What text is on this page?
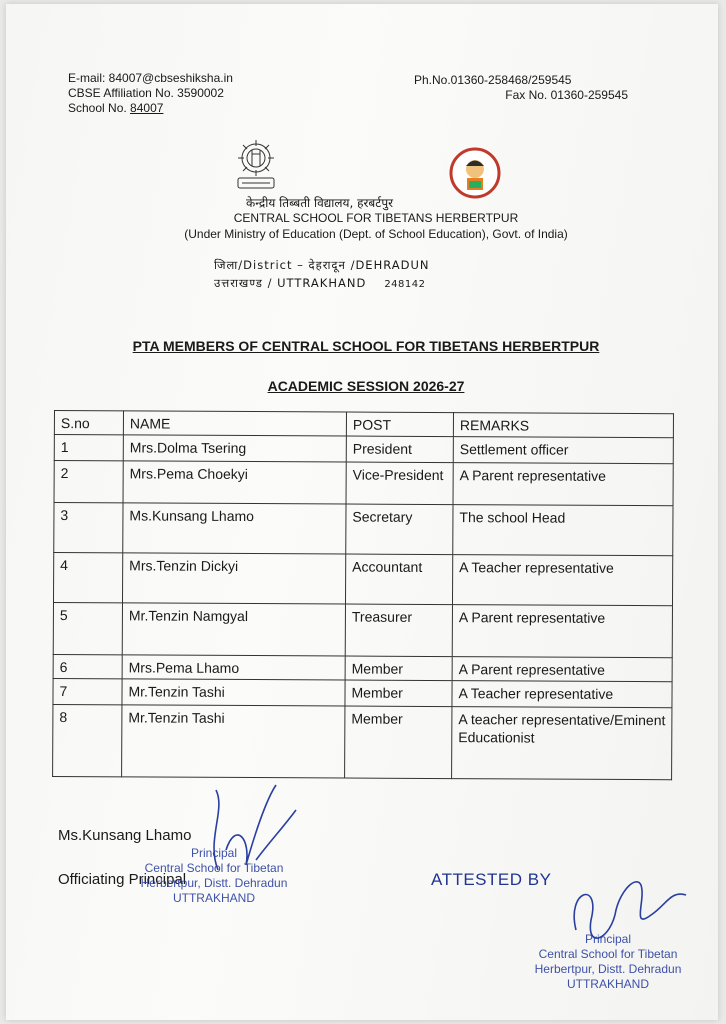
E-mail: 84007@cbseshiksha.in
CBSE Affiliation No. 3590002
School No. 84007
Ph.No.01360-258468/259545
Fax No. 01360-259545
केन्द्रीय तिब्बती विद्यालय, हरबर्टपुर
CENTRAL SCHOOL FOR TIBETANS HERBERTPUR
(Under Ministry of Education (Dept. of School Education), Govt. of India)
जिला/District – देहरादून /DEHRADUN
उत्तराखण्ड / UTTRAKHAND 248142
PTA MEMBERS OF CENTRAL SCHOOL FOR TIBETANS HERBERTPUR
ACADEMIC SESSION 2026-27
S.no	NAME	POST	REMARKS
1	Mrs.Dolma Tsering	President	Settlement officer
2	Mrs.Pema Choekyi	Vice-President	A Parent representative
3	Ms.Kunsang Lhamo	Secretary	The school Head
4	Mrs.Tenzin Dickyi	Accountant	A Teacher representative
5	Mr.Tenzin Namgyal	Treasurer	A Parent representative
6	Mrs.Pema Lhamo	Member	A Parent representative
7	Mr.Tenzin Tashi	Member	A Teacher representative
8	Mr.Tenzin Tashi	Member	A teacher representative/Eminent Educationist
Ms.Kunsang Lhamo
Officiating Principal
Principal
Central School for Tibetan
Herbertpur, Distt. Dehradun
UTTRAKHAND
ATTESTED BY
Principal
Central School for Tibetan
Herbertpur, Distt. Dehradun
UTTRAKHAND
